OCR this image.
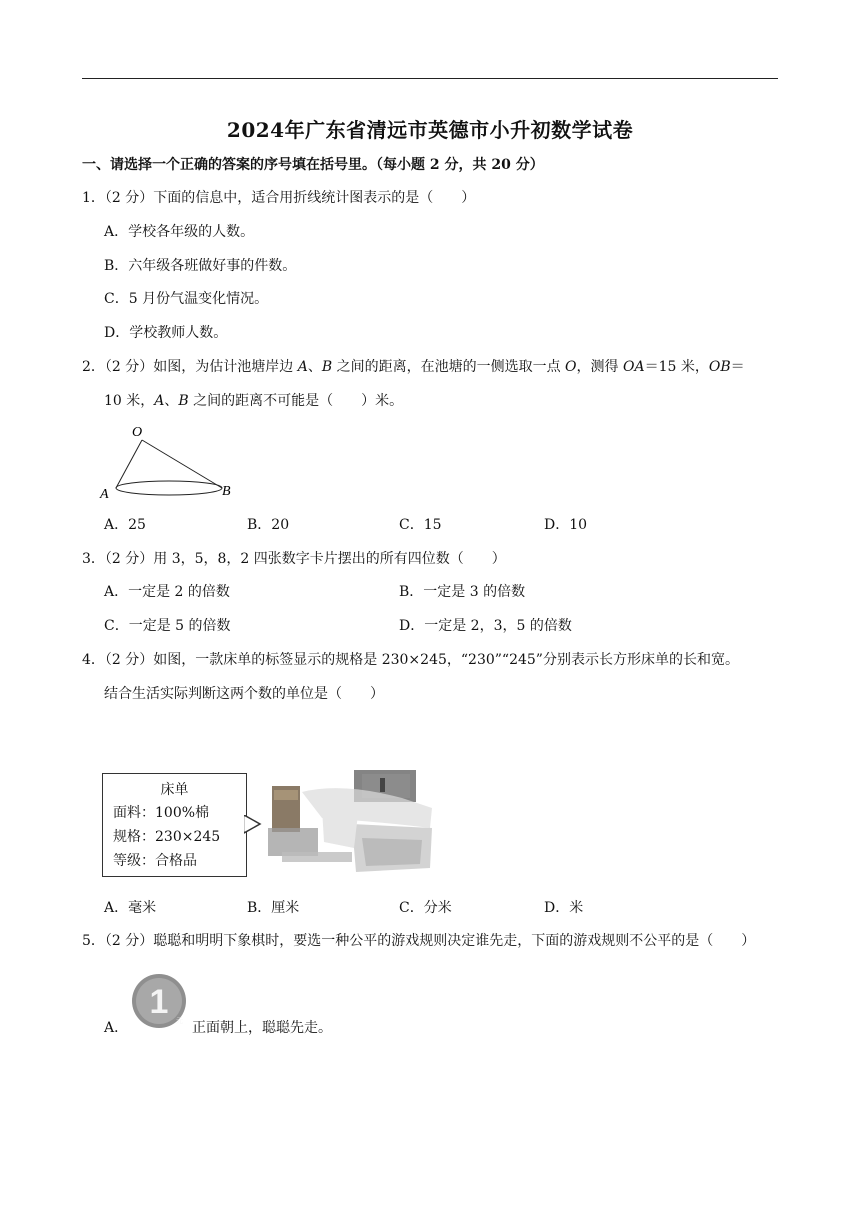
2024年广东省清远市英德市小升初数学试卷
一、请选择一个正确的答案的序号填在括号里。（每小题 2 分，共 20 分）
1．（2 分）下面的信息中，适合用折线统计图表示的是（　　）
A．学校各年级的人数。
B．六年级各班做好事的件数。
C．5 月份气温变化情况。
D．学校教师人数。
2．（2 分）如图，为估计池塘岸边 A、B 之间的距离，在池塘的一侧选取一点 O，测得 OA＝15 米，OB＝
10 米，A、B 之间的距离不可能是（　　）米。
O
A	B
A．25	B．20	C．15	D．10
3．（2 分）用 3，5，8，2 四张数字卡片摆出的所有四位数（　　）
A．一定是 2 的倍数	B．一定是 3 的倍数
C．一定是 5 的倍数	D．一定是 2，3，5 的倍数
4．（2 分）如图，一款床单的标签显示的规格是 230×245，“230”“245”分别表示长方形床单的长和宽。
结合生活实际判断这两个数的单位是（　　）
床单
面料：100%棉
规格：230×245
等级：合格品
A．毫米	B．厘米	C．分米	D．米
5．（2 分）聪聪和明明下象棋时，要选一种公平的游戏规则决定谁先走，下面的游戏规则不公平的是（　　）
A．
1 元 正面朝上，聪聪先走。
